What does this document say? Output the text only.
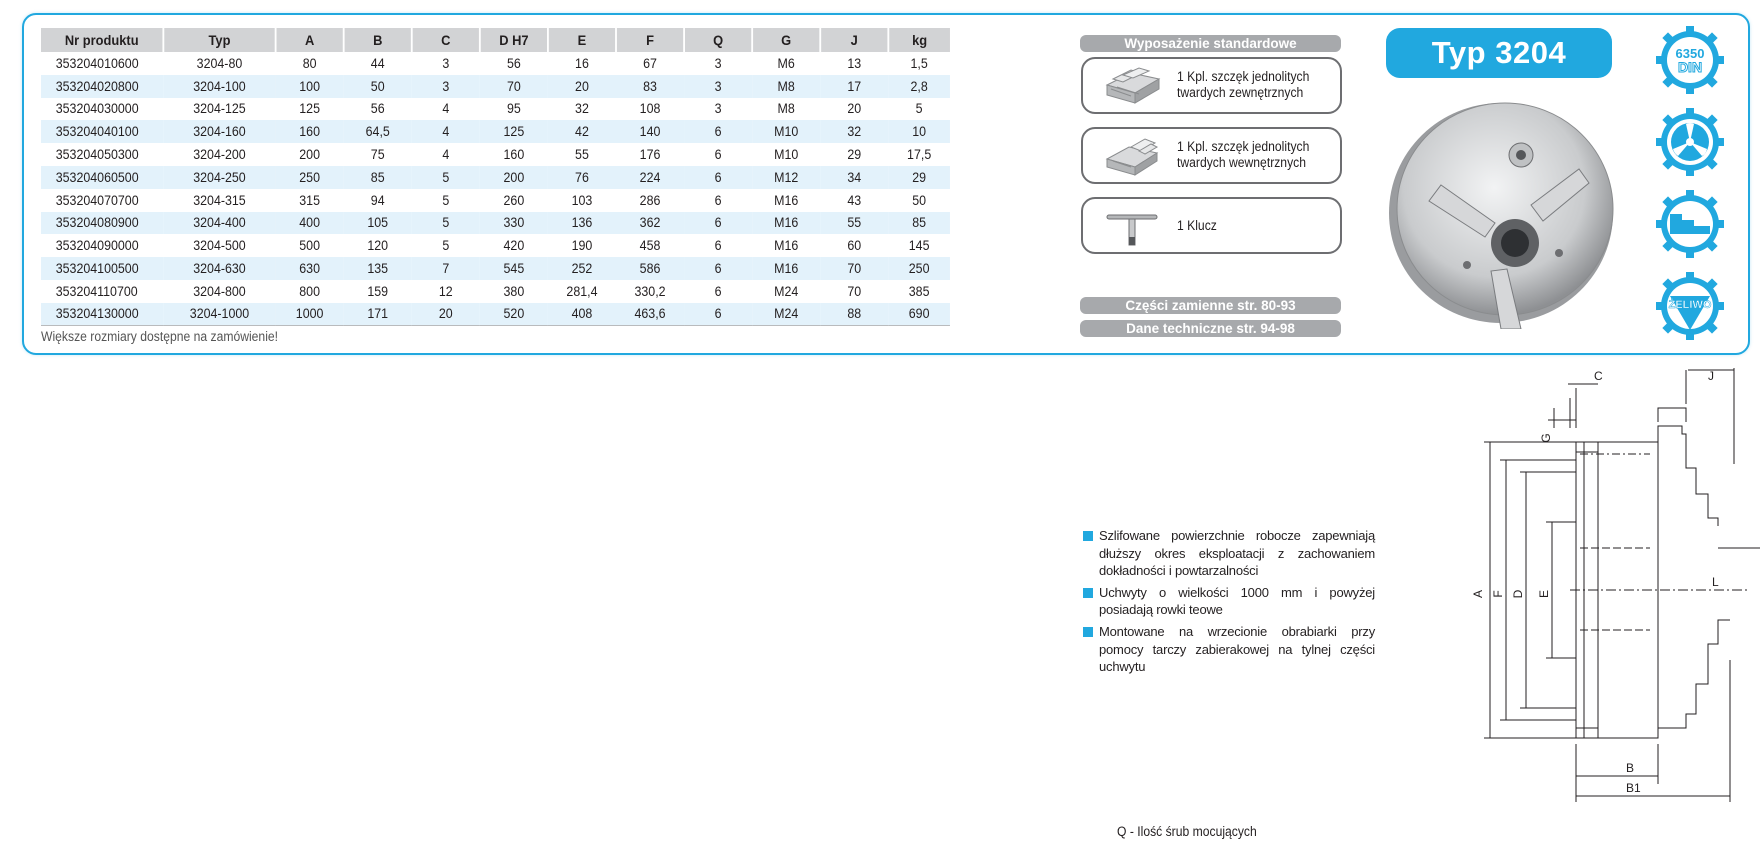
Nr produktu	Typ	A	B	C	D H7	E	F	Q	G	J	kg
353204010600	3204-80	80	44	3	56	16	67	3	M6	13	1,5
353204020800	3204-100	100	50	3	70	20	83	3	M8	17	2,8
353204030000	3204-125	125	56	4	95	32	108	3	M8	20	5
353204040100	3204-160	160	64,5	4	125	42	140	6	M10	32	10
353204050300	3204-200	200	75	4	160	55	176	6	M10	29	17,5
353204060500	3204-250	250	85	5	200	76	224	6	M12	34	29
353204070700	3204-315	315	94	5	260	103	286	6	M16	43	50
353204080900	3204-400	400	105	5	330	136	362	6	M16	55	85
353204090000	3204-500	500	120	5	420	190	458	6	M16	60	145
353204100500	3204-630	630	135	7	545	252	586	6	M16	70	250
353204110700	3204-800	800	159	12	380	281,4	330,2	6	M24	70	385
353204130000	3204-1000	1000	171	20	520	408	463,6	6	M24	88	690
Większe rozmiary dostępne na zamówienie!
Wyposażenie standardowe
1 Kpl. szczęk jednolitych
twardych zewnętrznych
1 Kpl. szczęk jednolitych
twardych wewnętrznych
1 Klucz
Części zamienne str. 80-93
Dane techniczne str. 94-98
Typ 3204	6350
DIN
ŻELIWO
Szlifowane powierzchnie robocze zapewniają dłuższy okres eksploatacji z zachowaniem dokładności i powtarzalności
Uchwyty o wielkości 1000 mm i powyżej posiadają rowki teowe
Montowane na wrzecionie obrabiarki przy pomocy tarczy zabierakowej na tylnej części uchwytu
A F D E
G
C	J
L
B
B1
Q - Ilość śrub mocujących
